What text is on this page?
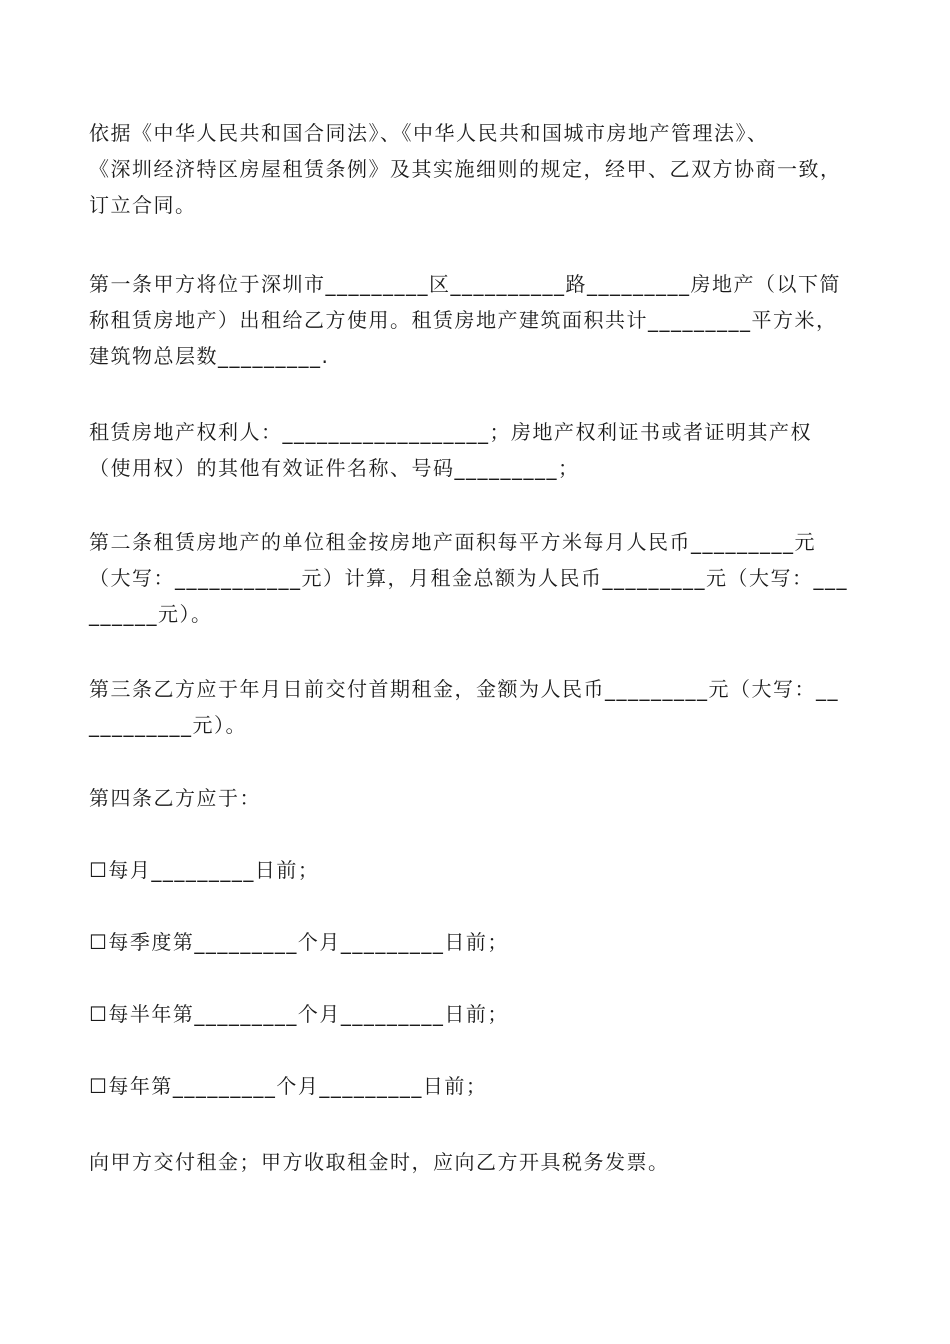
依据《中华人民共和国合同法》、《中华人民共和国城市房地产管理法》、
《深圳经济特区房屋租赁条例》及其实施细则的规定，经甲、乙双方协商一致，
订立合同。

第一条甲方将位于深圳市_________区__________路_________房地产（以下简
称租赁房地产）出租给乙方使用。租赁房地产建筑面积共计_________平方米，
建筑物总层数_________.

租赁房地产权利人：__________________；房地产权利证书或者证明其产权
（使用权）的其他有效证件名称、号码_________；

第二条租赁房地产的单位租金按房地产面积每平方米每月人民币_________元
（大写：___________元）计算，月租金总额为人民币_________元（大写：___
______元）。

第三条乙方应于年月日前交付首期租金，金额为人民币_________元（大写：__
_________元）。

第四条乙方应于：

☐每月_________日前；

☐每季度第_________个月_________日前；

☐每半年第_________个月_________日前；

☐每年第_________个月_________日前；

向甲方交付租金；甲方收取租金时，应向乙方开具税务发票。
